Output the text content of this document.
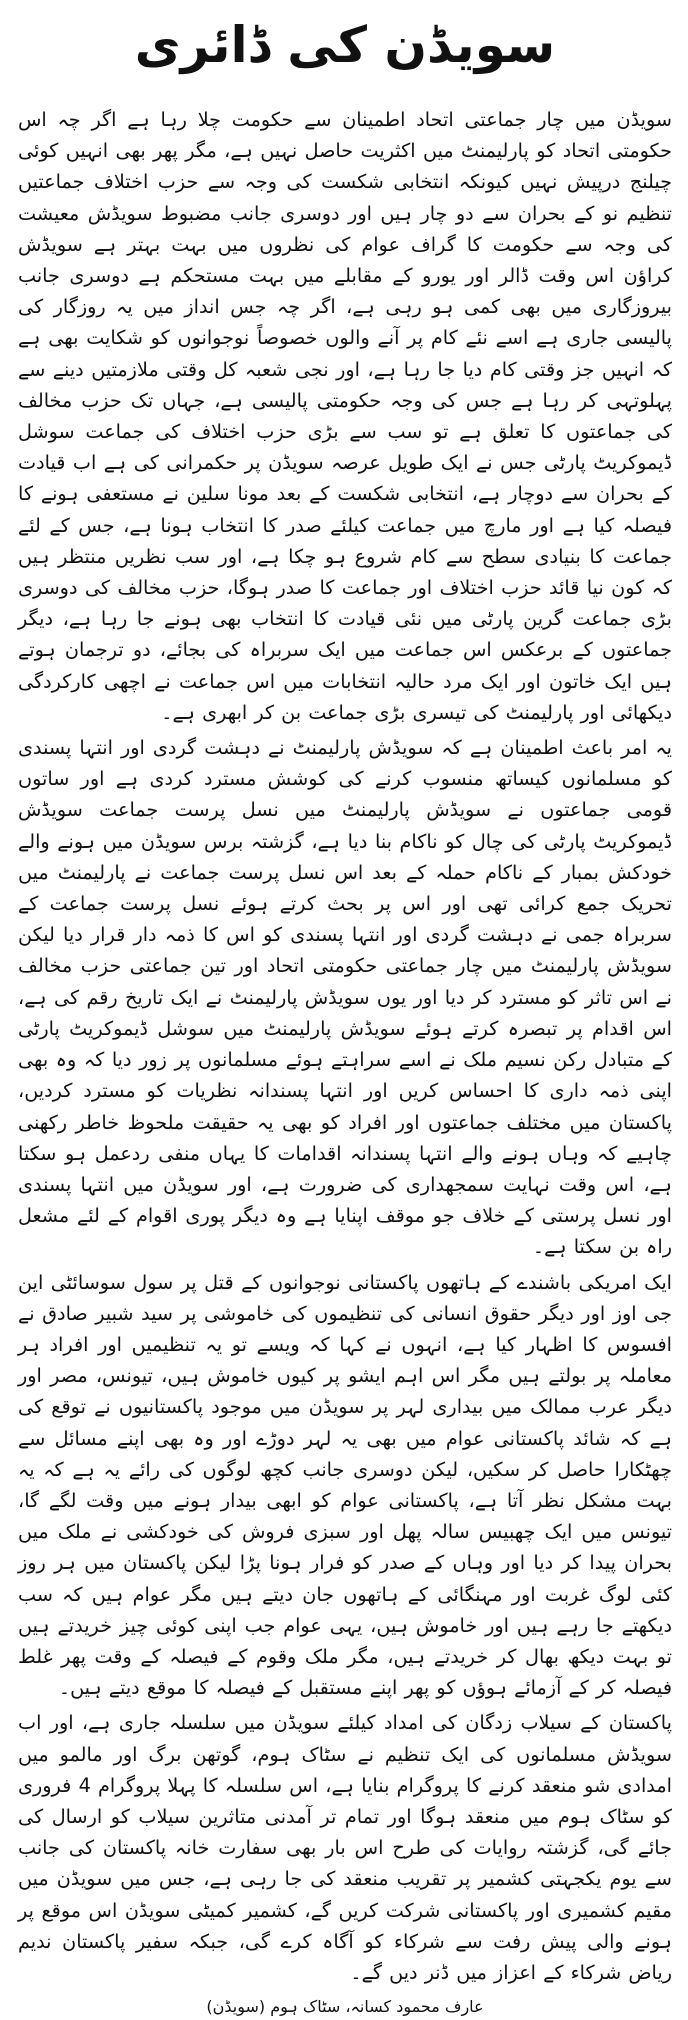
سویڈن کی ڈائری

سویڈن میں چار جماعتی اتحاد اطمینان سے حکومت چلا رہا ہے اگر چہ اس حکومتی اتحاد کو پارلیمنٹ میں اکثریت حاصل نہیں ہے، مگر پھر بھی انہیں کوئی چیلنج درپیش نہیں کیونکہ انتخابی شکست کی وجہ سے حزب اختلاف جماعتیں تنظیم نو کے بحران سے دو چار ہیں اور دوسری جانب مضبوط سویڈش معیشت کی وجہ سے حکومت کا گراف عوام کی نظروں میں بہت بہتر ہے سویڈش کراؤن اس وقت ڈالر اور یورو کے مقابلے میں بہت مستحکم ہے دوسری جانب بیروزگاری میں بھی کمی ہو رہی ہے، اگر چہ جس انداز میں یہ روزگار کی پالیسی جاری ہے اسے نئے کام پر آنے والوں خصوصاً نوجوانوں کو شکایت بھی ہے کہ انہیں جز وقتی کام دیا جا رہا ہے، اور نجی شعبہ کل وقتی ملازمتیں دینے سے پہلوتہی کر رہا ہے جس کی وجہ حکومتی پالیسی ہے، جہاں تک حزب مخالف کی جماعتوں کا تعلق ہے تو سب سے بڑی حزب اختلاف کی جماعت سوشل ڈیموکریٹ پارٹی جس نے ایک طویل عرصہ سویڈن پر حکمرانی کی ہے اب قیادت کے بحران سے دوچار ہے، انتخابی شکست کے بعد مونا سلین نے مستعفی ہونے کا فیصلہ کیا ہے اور مارچ میں جماعت کیلئے صدر کا انتخاب ہونا ہے، جس کے لئے جماعت کا بنیادی سطح سے کام شروع ہو چکا ہے، اور سب نظریں منتظر ہیں کہ کون نیا قائد حزب اختلاف اور جماعت کا صدر ہوگا، حزب مخالف کی دوسری بڑی جماعت گرین پارٹی میں نئی قیادت کا انتخاب بھی ہونے جا رہا ہے، دیگر جماعتوں کے برعکس اس جماعت میں ایک سربراہ کی بجائے، دو ترجمان ہوتے ہیں ایک خاتون اور ایک مرد حالیہ انتخابات میں اس جماعت نے اچھی کارکردگی دیکھائی اور پارلیمنٹ کی تیسری بڑی جماعت بن کر ابھری ہے۔

یہ امر باعث اطمینان ہے کہ سویڈش پارلیمنٹ نے دہشت گردی اور انتہا پسندی کو مسلمانوں کیساتھ منسوب کرنے کی کوشش مسترد کردی ہے اور ساتوں قومی جماعتوں نے سویڈش پارلیمنٹ میں نسل پرست جماعت سویڈش ڈیموکریٹ پارٹی کی چال کو ناکام بنا دیا ہے، گزشتہ برس سویڈن میں ہونے والے خودکش بمبار کے ناکام حملہ کے بعد اس نسل پرست جماعت نے پارلیمنٹ میں تحریک جمع کرائی تھی اور اس پر بحث کرتے ہوئے نسل پرست جماعت کے سربراہ جمی نے دہشت گردی اور انتہا پسندی کو اس کا ذمہ دار قرار دیا لیکن سویڈش پارلیمنٹ میں چار جماعتی حکومتی اتحاد اور تین جماعتی حزب مخالف نے اس تاثر کو مسترد کر دیا اور یوں سویڈش پارلیمنٹ نے ایک تاریخ رقم کی ہے، اس اقدام پر تبصرہ کرتے ہوئے سویڈش پارلیمنٹ میں سوشل ڈیموکریٹ پارٹی کے متبادل رکن نسیم ملک نے اسے سراہتے ہوئے مسلمانوں پر زور دیا کہ وہ بھی اپنی ذمہ داری کا احساس کریں اور انتہا پسندانہ نظریات کو مسترد کردیں، پاکستان میں مختلف جماعتوں اور افراد کو بھی یہ حقیقت ملحوظ خاطر رکھنی چاہیے کہ وہاں ہونے والے انتہا پسندانہ اقدامات کا یہاں منفی ردعمل ہو سکتا ہے، اس وقت نہایت سمجھداری کی ضرورت ہے، اور سویڈن میں انتہا پسندی اور نسل پرستی کے خلاف جو موقف اپنایا ہے وہ دیگر پوری اقوام کے لئے مشعل راہ بن سکتا ہے۔

ایک امریکی باشندے کے ہاتھوں پاکستانی نوجوانوں کے قتل پر سول سوسائٹی این جی اوز اور دیگر حقوق انسانی کی تنظیموں کی خاموشی پر سید شبیر صادق نے افسوس کا اظہار کیا ہے، انہوں نے کہا کہ ویسے تو یہ تنظیمیں اور افراد ہر معاملہ پر بولتے ہیں مگر اس اہم ایشو پر کیوں خاموش ہیں، تیونس، مصر اور دیگر عرب ممالک میں بیداری لہر پر سویڈن میں موجود پاکستانیوں نے توقع کی ہے کہ شائد پاکستانی عوام میں بھی یہ لہر دوڑے اور وہ بھی اپنے مسائل سے چھٹکارا حاصل کر سکیں، لیکن دوسری جانب کچھ لوگوں کی رائے یہ ہے کہ یہ بہت مشکل نظر آتا ہے، پاکستانی عوام کو ابھی بیدار ہونے میں وقت لگے گا، تیونس میں ایک چھبیس سالہ پھل اور سبزی فروش کی خودکشی نے ملک میں بحران پیدا کر دیا اور وہاں کے صدر کو فرار ہونا پڑا لیکن پاکستان میں ہر روز کئی لوگ غربت اور مہنگائی کے ہاتھوں جان دیتے ہیں مگر عوام ہیں کہ سب دیکھتے جا رہے ہیں اور خاموش ہیں، یہی عوام جب اپنی کوئی چیز خریدتے ہیں تو بہت دیکھ بھال کر خریدتے ہیں، مگر ملک وقوم کے فیصلہ کے وقت پھر غلط فیصلہ کر کے آزمائے ہوؤں کو پھر اپنے مستقبل کے فیصلہ کا موقع دیتے ہیں۔

پاکستان کے سیلاب زدگان کی امداد کیلئے سویڈن میں سلسلہ جاری ہے، اور اب سویڈش مسلمانوں کی ایک تنظیم نے سٹاک ہوم، گوتھن برگ اور مالمو میں امدادی شو منعقد کرنے کا پروگرام بنایا ہے، اس سلسلہ کا پہلا پروگرام 4 فروری کو سٹاک ہوم میں منعقد ہوگا اور تمام تر آمدنی متاثرین سیلاب کو ارسال کی جائے گی، گزشتہ روایات کی طرح اس بار بھی سفارت خانہ پاکستان کی جانب سے یوم یکجہتی کشمیر پر تقریب منعقد کی جا رہی ہے، جس میں سویڈن میں مقیم کشمیری اور پاکستانی شرکت کریں گے، کشمیر کمیٹی سویڈن اس موقع پر ہونے والی پیش رفت سے شرکاء کو آگاہ کرے گی، جبکہ سفیر پاکستان ندیم ریاض شرکاء کے اعزاز میں ڈنر دیں گے۔

عارف محمود کسانہ، سٹاک ہوم (سویڈن)
